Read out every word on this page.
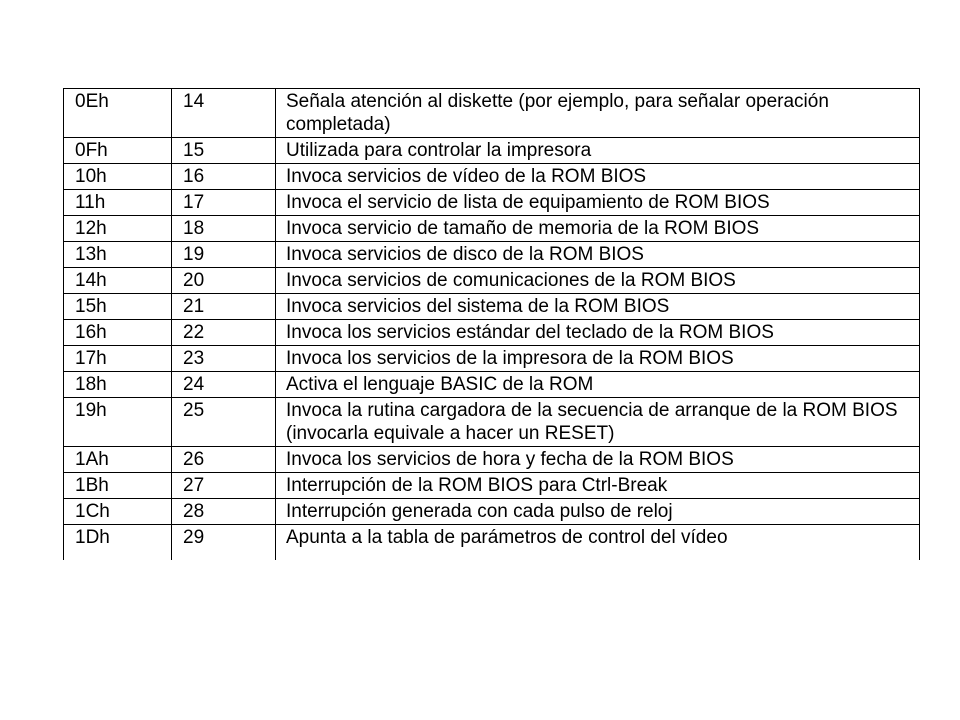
0Eh	14	Señala atención al diskette (por ejemplo, para señalar operación completada)
0Fh	15	Utilizada para controlar la impresora
10h	16	Invoca servicios de vídeo de la ROM BIOS
11h	17	Invoca el servicio de lista de equipamiento de ROM BIOS
12h	18	Invoca servicio de tamaño de memoria de la ROM BIOS
13h	19	Invoca servicios de disco de la ROM BIOS
14h	20	Invoca servicios de comunicaciones de la ROM BIOS
15h	21	Invoca servicios del sistema de la ROM BIOS
16h	22	Invoca los servicios estándar del teclado de la ROM BIOS
17h	23	Invoca los servicios de la impresora de la ROM BIOS
18h	24	Activa el lenguaje BASIC de la ROM
19h	25	Invoca la rutina cargadora de la secuencia de arranque de la ROM BIOS (invocarla equivale a hacer un RESET)
1Ah	26	Invoca los servicios de hora y fecha de la ROM BIOS
1Bh	27	Interrupción de la ROM BIOS para Ctrl-Break
1Ch	28	Interrupción generada con cada pulso de reloj
1Dh	29	Apunta a la tabla de parámetros de control del vídeo
